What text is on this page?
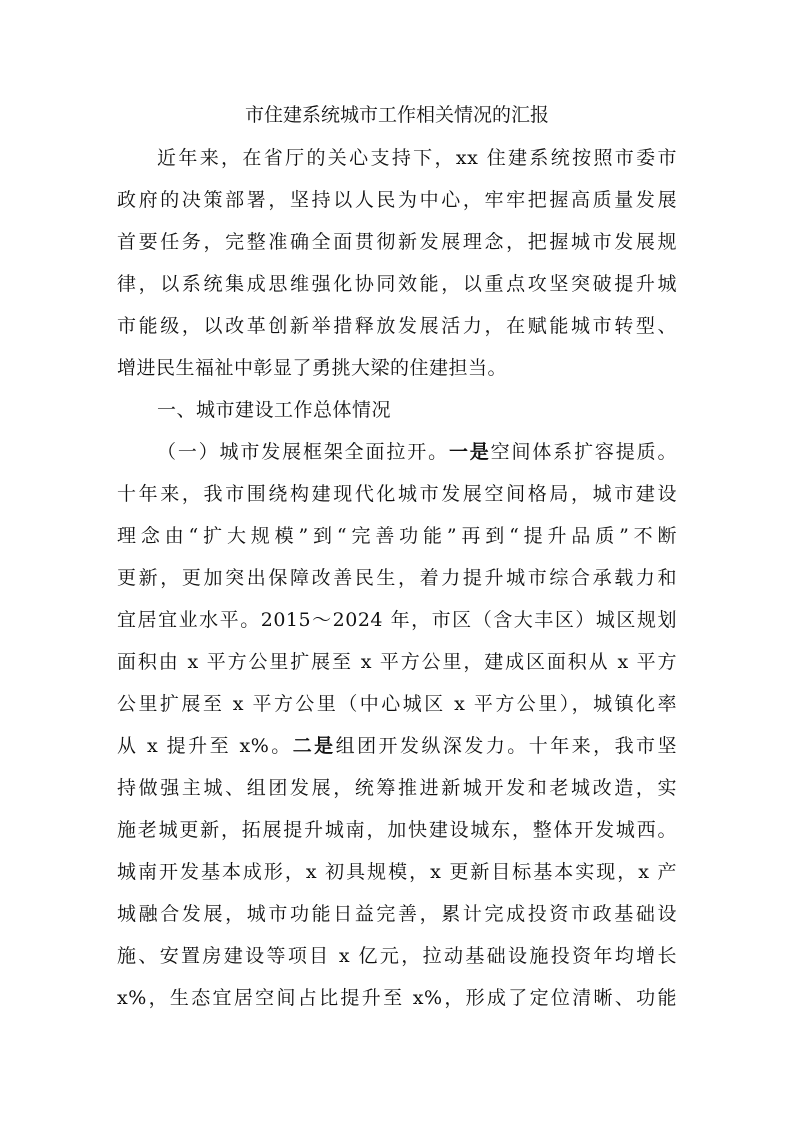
市住建系统城市工作相关情况的汇报
近年来，在省厅的关心支持下，xx 住建系统按照市委市
政府的决策部署，坚持以人民为中心，牢牢把握高质量发展
首要任务，完整准确全面贯彻新发展理念，把握城市发展规
律，以系统集成思维强化协同效能，以重点攻坚突破提升城
市能级，以改革创新举措释放发展活力，在赋能城市转型、
增进民生福祉中彰显了勇挑大梁的住建担当。
一、城市建设工作总体情况
（一）城市发展框架全面拉开。一是空间体系扩容提质。
十年来，我市围绕构建现代化城市发展空间格局，城市建设
理念由“扩大规模”到“完善功能”再到“提升品质”不断
更新，更加突出保障改善民生，着力提升城市综合承载力和
宜居宜业水平。2015～2024 年，市区（含大丰区）城区规划
面积由 x 平方公里扩展至 x 平方公里，建成区面积从 x 平方
公里扩展至 x 平方公里（中心城区 x 平方公里），城镇化率
从 x 提升至 x%。二是组团开发纵深发力。十年来，我市坚
持做强主城、组团发展，统筹推进新城开发和老城改造，实
施老城更新，拓展提升城南，加快建设城东，整体开发城西。
城南开发基本成形，x 初具规模，x 更新目标基本实现，x 产
城融合发展，城市功能日益完善，累计完成投资市政基础设
施、安置房建设等项目 x 亿元，拉动基础设施投资年均增长
x%，生态宜居空间占比提升至 x%，形成了定位清晰、功能
